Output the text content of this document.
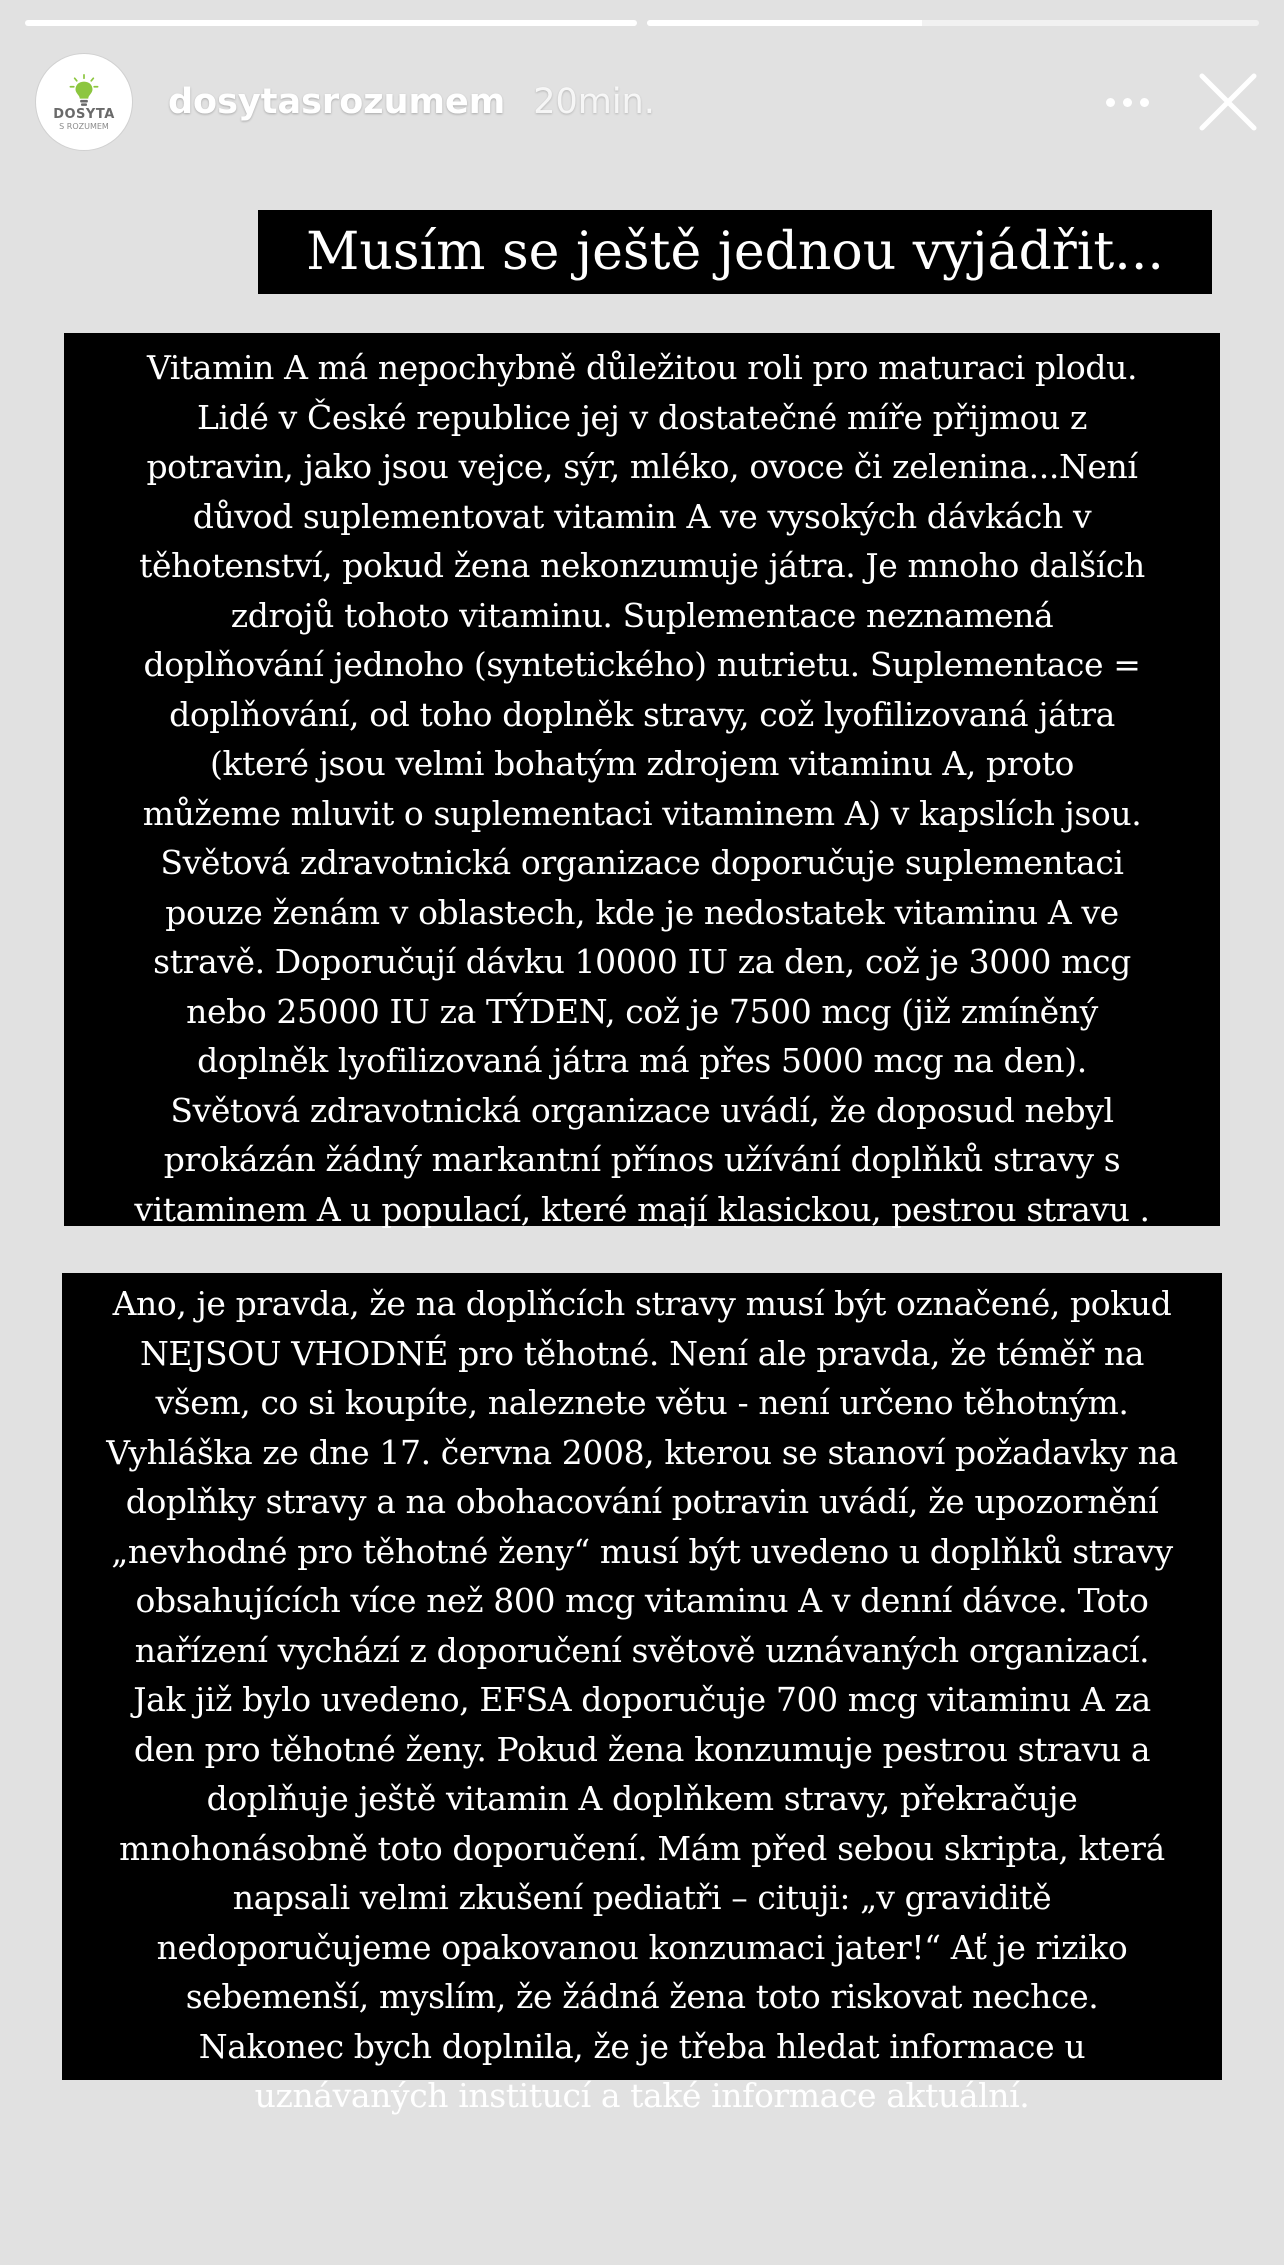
DOSYTA
S ROZUMEM
dosytasrozumem 20min.
Musím se ještě jednou vyjádřit...

Vitamin A má nepochybně důležitou roli pro maturaci plodu.

Lidé v České republice jej v dostatečné míře přijmou z

potravin, jako jsou vejce, sýr, mléko, ovoce či zelenina...Není

důvod suplementovat vitamin A ve vysokých dávkách v

těhotenství, pokud žena nekonzumuje játra. Je mnoho dalších

zdrojů tohoto vitaminu. Suplementace neznamená

doplňování jednoho (syntetického) nutrietu. Suplementace =

doplňování, od toho doplněk stravy, což lyofilizovaná játra

(které jsou velmi bohatým zdrojem vitaminu A, proto

můžeme mluvit o suplementaci vitaminem A) v kapslích jsou.

Světová zdravotnická organizace doporučuje suplementaci

pouze ženám v oblastech, kde je nedostatek vitaminu A ve

stravě. Doporučují dávku 10000 IU za den, což je 3000 mcg

nebo 25000 IU za TÝDEN, což je 7500 mcg (již zmíněný

doplněk lyofilizovaná játra má přes 5000 mcg na den).

Světová zdravotnická organizace uvádí, že doposud nebyl

prokázán žádný markantní přínos užívání doplňků stravy s

vitaminem A u populací, které mají klasickou, pestrou stravu .

Ano, je pravda, že na doplňcích stravy musí být označené, pokud

NEJSOU VHODNÉ pro těhotné. Není ale pravda, že téměř na

všem, co si koupíte, naleznete větu - není určeno těhotným.

Vyhláška ze dne 17. června 2008, kterou se stanoví požadavky na

doplňky stravy a na obohacování potravin uvádí, že upozornění

„nevhodné pro těhotné ženy“ musí být uvedeno u doplňků stravy

obsahujících více než 800 mcg vitaminu A v denní dávce. Toto

nařízení vychází z doporučení světově uznávaných organizací.

Jak již bylo uvedeno, EFSA doporučuje 700 mcg vitaminu A za

den pro těhotné ženy. Pokud žena konzumuje pestrou stravu a

doplňuje ještě vitamin A doplňkem stravy, překračuje

mnohonásobně toto doporučení. Mám před sebou skripta, která

napsali velmi zkušení pediatři – cituji: „v graviditě

nedoporučujeme opakovanou konzumaci jater!“ Ať je riziko

sebemenší, myslím, že žádná žena toto riskovat nechce.

Nakonec bych doplnila, že je třeba hledat informace u

uznávaných institucí a také informace aktuální.
